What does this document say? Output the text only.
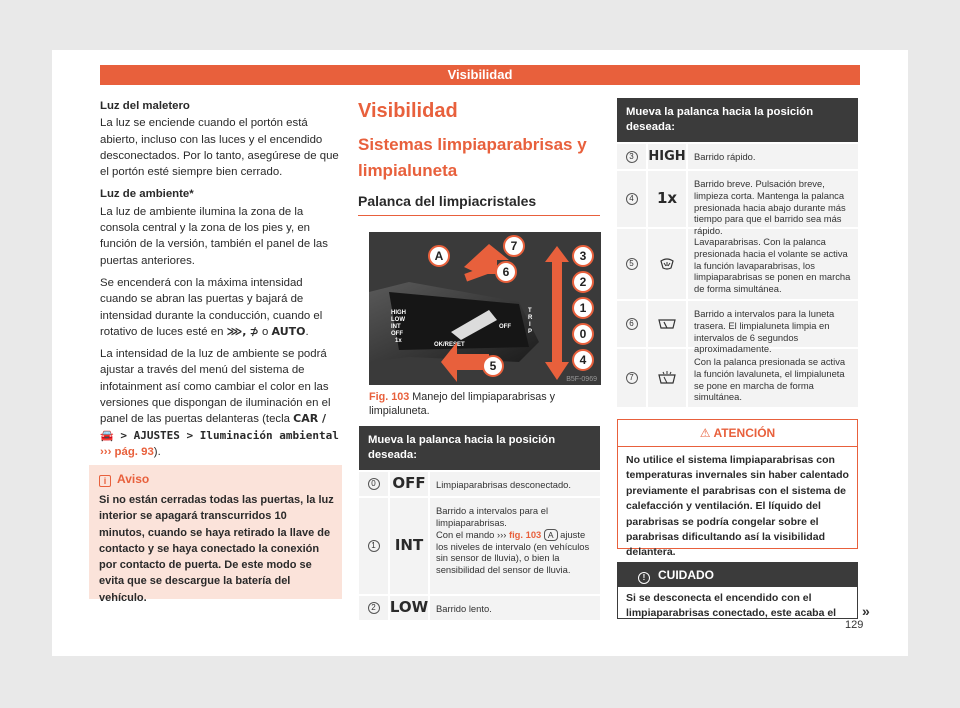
Visibilidad
Luz del maletero

La luz se enciende cuando el portón está abierto, incluso con las luces y el encendido desconectados. Por lo tanto, asegúrese de que el portón esté siempre bien cerrado.

Luz de ambiente*

La luz de ambiente ilumina la zona de la consola central y la zona de los pies y, en función de la versión, también el panel de las puertas anteriores.

Se encenderá con la máxima intensidad cuando se abran las puertas y bajará de intensidad durante la conducción, cuando el rotativo de luces esté en ⋙, ⊅ o AUTO.

La intensidad de la luz de ambiente se podrá ajustar a través del menú del sistema de infotainment así como cambiar el color en las versiones que dispongan de iluminación en el panel de las puertas delanteras (tecla CAR /
🚘 > AJUSTES > Iluminación ambiental
››› pág. 93).

i Aviso
Si no están cerradas todas las puertas, la luz interior se apagará transcurridos 10 minutos, cuando se haya retirado la llave de contacto y se haya conectado la conexión por contacto de puerta. De este modo se evita que se descargue la batería del vehículo.
Visibilidad
Sistemas limpiaparabrisas y limpialuneta
Palanca del limpiacristales
HIGH
LOW
INT
OFF
1x
OK/RESET
OFF
T
R
I
P
A
7
6
3
2
1
0
4
5
B5F-0969
Fig. 103 Manejo del limpiaparabrisas y limpialuneta.
Mueva la palanca hacia la posición deseada:
0 OFF	Limpiaparabrisas desconectado.
1	INT
Barrido a intervalos para el limpiaparabrisas.
Con el mando ››› fig. 103 A ajuste los niveles de intervalo (en vehículos sin sensor de lluvia), o bien la sensibilidad del sensor de lluvia.
2 LOW Barrido lento.
Mueva la palanca hacia la posición deseada:
3 HIGH Barrido rápido.
4	1x
Barrido breve. Pulsación breve, limpieza corta. Mantenga la palanca presionada hacia abajo durante más tiempo para que el barrido sea más rápido.
5
Lavaparabrisas. Con la palanca presionada hacia el volante se activa la función lavaparabrisas, los limpiaparabrisas se ponen en marcha de forma simultánea.
6
Barrido a intervalos para la luneta trasera. El limpialuneta limpia en intervalos de 6 segundos aproximadamente.
7
Con la palanca presionada se activa la función lavaluneta, el limpialuneta se pone en marcha de forma simultánea.
⚠ ATENCIÓN
No utilice el sistema limpiaparabrisas con temperaturas invernales sin haber calentado previamente el parabrisas con el sistema de calefacción y ventilación. El líquido del parabrisas se podría congelar sobre el parabrisas dificultando así la visibilidad delantera.
! CUIDADO
Si se desconecta el encendido con el limpiaparabrisas conectado, este acaba el	»
129
